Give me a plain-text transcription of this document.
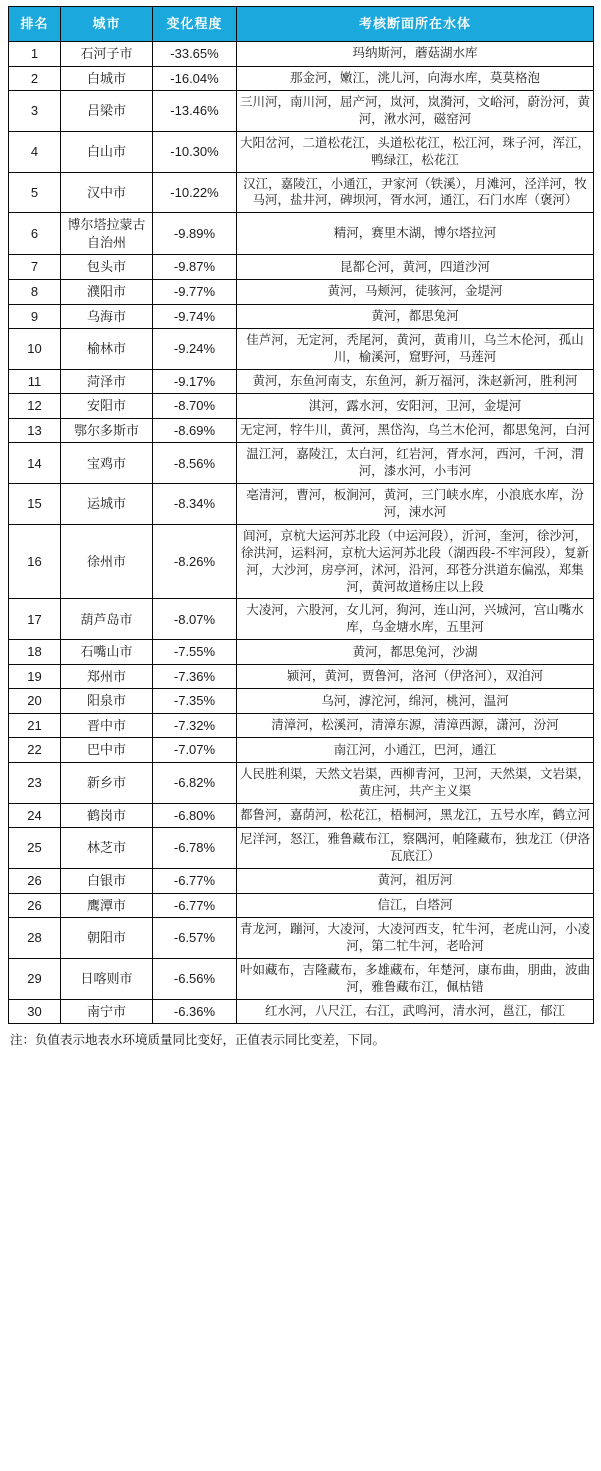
排名	城市	变化程度	考核断面所在水体
1	石河子市	-33.65%	玛纳斯河，蘑菇湖水库
2	白城市	-16.04%	那金河，嫩江，洮儿河，向海水库，莫莫格泡
3	吕梁市	-13.46%	三川河，南川河，屈产河，岚河，岚漪河，文峪河，蔚汾河，黄河，湫水河，磁窑河
4	白山市	-10.30%	大阳岔河，二道松花江，头道松花江，松江河，珠子河，浑江，鸭绿江，松花江
5	汉中市	-10.22%	汉江，嘉陵江，小通江，尹家河（铁溪），月滩河，泾洋河，牧马河，盐井河，碑坝河，胥水河，通江，石门水库（褒河）
6	博尔塔拉蒙古自治州	-9.89%	精河，赛里木湖，博尔塔拉河
7	包头市	-9.87%	昆都仑河，黄河，四道沙河
8	濮阳市	-9.77%	黄河，马颊河，徒骇河，金堤河
9	乌海市	-9.74%	黄河，都思兔河
10	榆林市	-9.24%	佳芦河，无定河，秃尾河，黄河，黄甫川，乌兰木伦河，孤山川，榆溪河，窟野河，马莲河
11	菏泽市	-9.17%	黄河，东鱼河南支，东鱼河，新万福河，洙赵新河，胜利河
12	安阳市	-8.70%	淇河，露水河，安阳河，卫河，金堤河
13	鄂尔多斯市	-8.69%	无定河，牸牛川，黄河，黑岱沟，乌兰木伦河，都思兔河，白河
14	宝鸡市	-8.56%	温江河，嘉陵江，太白河，红岩河，胥水河，西河，千河，渭河，漆水河，小韦河
15	运城市	-8.34%	亳清河，曹河，板涧河，黄河，三门峡水库，小浪底水库，汾河，涑水河
16	徐州市	-8.26%	闾河，京杭大运河苏北段（中运河段），沂河，奎河，徐沙河，徐洪河，运料河，京杭大运河苏北段（湖西段-不牢河段），复新河，大沙河，房亭河，沭河，沿河，邳苍分洪道东偏泓，郑集河，黄河故道杨庄以上段
17	葫芦岛市	-8.07%	大凌河，六股河，女儿河，狗河，连山河，兴城河，宫山嘴水库，乌金塘水库，五里河
18	石嘴山市	-7.55%	黄河，都思兔河，沙湖
19	郑州市	-7.36%	颍河，黄河，贾鲁河，洛河（伊洛河），双洎河
20	阳泉市	-7.35%	乌河，滹沱河，绵河，桃河，温河
21	晋中市	-7.32%	清漳河，松溪河，清漳东源，清漳西源，潇河，汾河
22	巴中市	-7.07%	南江河，小通江，巴河，通江
23	新乡市	-6.82%	人民胜利渠，天然文岩渠，西柳青河，卫河，天然渠，文岩渠，黄庄河，共产主义渠
24	鹤岗市	-6.80%	都鲁河，嘉荫河，松花江，梧桐河，黑龙江，五号水库，鹤立河
25	林芝市	-6.78%	尼洋河，怒江，雅鲁藏布江，察隅河，帕隆藏布，独龙江（伊洛瓦底江）
26	白银市	-6.77%	黄河，祖厉河
26	鹰潭市	-6.77%	信江，白塔河
28	朝阳市	-6.57%	青龙河，蹦河，大凌河，大凌河西支，牤牛河，老虎山河，小凌河，第二牤牛河，老哈河
29	日喀则市	-6.56%	叶如藏布，吉隆藏布，多雄藏布，年楚河，康布曲，朋曲，波曲河，雅鲁藏布江，佩枯错
30	南宁市	-6.36%	红水河，八尺江，右江，武鸣河，清水河，邕江，郁江
注：负值表示地表水环境质量同比变好，正值表示同比变差，下同。
